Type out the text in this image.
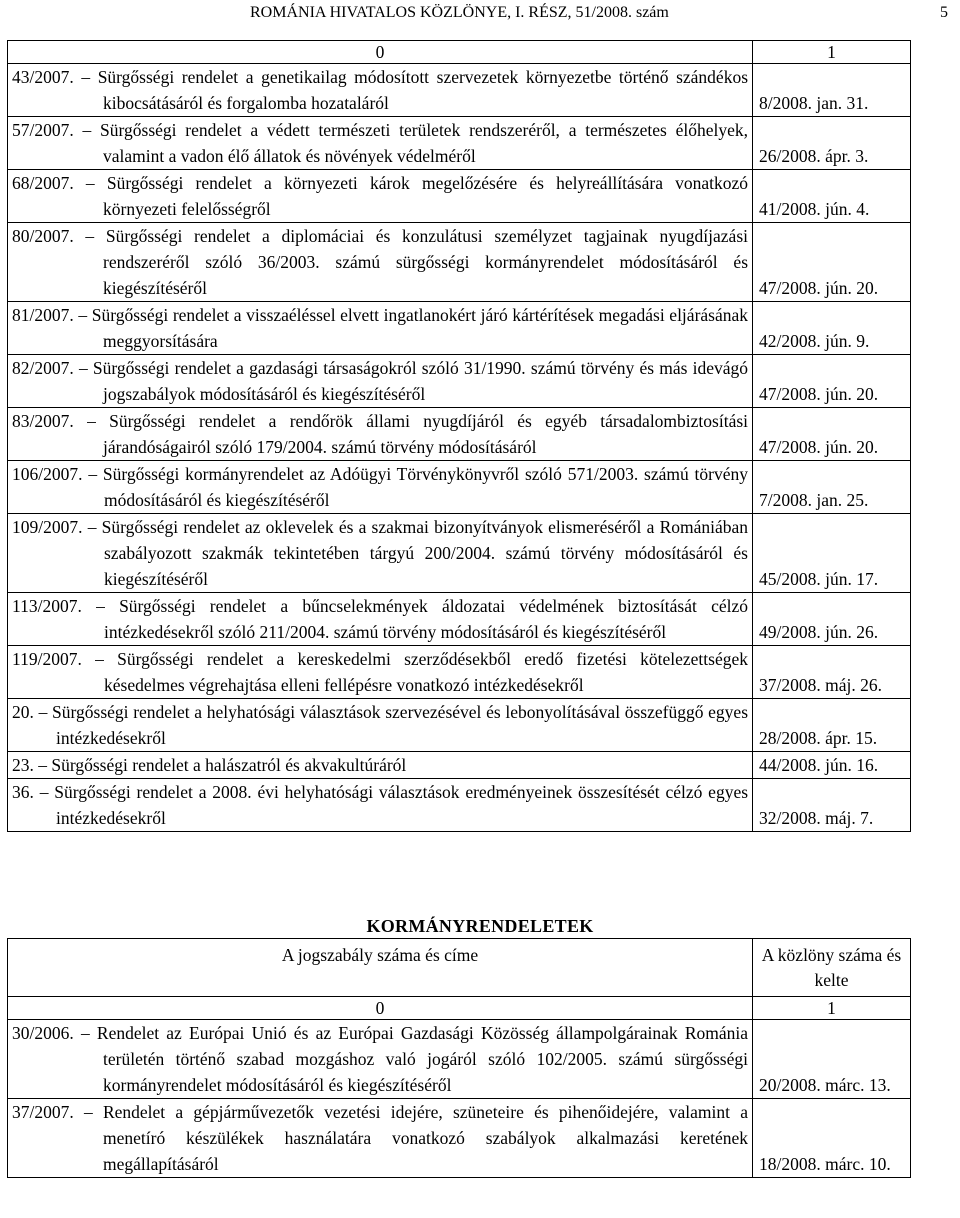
ROMÁNIA HIVATALOS KÖZLÖNYE, I. RÉSZ, 51/2008. szám	5
0	1

43/2007. – Sürgősségi rendelet a genetikailag módosított szervezetek környezetbe történő szándékos kibocsátásáról és forgalomba hozataláról	8/2008. jan. 31.

57/2007. – Sürgősségi rendelet a védett természeti területek rendszeréről, a természetes élőhelyek, valamint a vadon élő állatok és növények védelméről	26/2008. ápr. 3.

68/2007. – Sürgősségi rendelet a környezeti károk megelőzésére és helyreállítására vonatkozó környezeti felelősségről	41/2008. jún. 4.

80/2007. – Sürgősségi rendelet a diplomáciai és konzulátusi személyzet tagjainak nyugdíjazási rendszeréről szóló 36/2003. számú sürgősségi kormányrendelet módosításáról és kiegészítéséről	47/2008. jún. 20.

81/2007. – Sürgősségi rendelet a visszaéléssel elvett ingatlanokért járó kártérítések megadási eljárásának meggyorsítására	42/2008. jún. 9.

82/2007. – Sürgősségi rendelet a gazdasági társaságokról szóló 31/1990. számú törvény és más idevágó jogszabályok módosításáról és kiegészítéséről	47/2008. jún. 20.

83/2007. – Sürgősségi rendelet a rendőrök állami nyugdíjáról és egyéb társadalombiztosítási járandóságairól szóló 179/2004. számú törvény módosításáról	47/2008. jún. 20.

106/2007. – Sürgősségi kormányrendelet az Adóügyi Törvénykönyvről szóló 571/2003. számú törvény módosításáról és kiegészítéséről	7/2008. jan. 25.

109/2007. – Sürgősségi rendelet az oklevelek és a szakmai bizonyítványok elismeréséről a Romániában szabályozott szakmák tekintetében tárgyú 200/2004. számú törvény módosításáról és kiegészítéséről	45/2008. jún. 17.

113/2007. – Sürgősségi rendelet a bűncselekmények áldozatai védelmének biztosítását célzó intézkedésekről szóló 211/2004. számú törvény módosításáról és kiegészítéséről	49/2008. jún. 26.

119/2007. – Sürgősségi rendelet a kereskedelmi szerződésekből eredő fizetési kötelezettségek késedelmes végrehajtása elleni fellépésre vonatkozó intézkedésekről	37/2008. máj. 26.

20. – Sürgősségi rendelet a helyhatósági választások szervezésével és lebonyolításával összefüggő egyes intézkedésekről	28/2008. ápr. 15.

23. – Sürgősségi rendelet a halászatról és akvakultúráról	44/2008. jún. 16.

36. – Sürgősségi rendelet a 2008. évi helyhatósági választások eredményeinek összesítését célzó egyes intézkedésekről	32/2008. máj. 7.
KORMÁNYRENDELETEK
A jogszabály száma és címe	A közlöny száma és kelte
0	1

30/2006. – Rendelet az Európai Unió és az Európai Gazdasági Közösség állampolgárainak Románia területén történő szabad mozgáshoz való jogáról szóló 102/2005. számú sürgősségi kormányrendelet módosításáról és kiegészítéséről	20/2008. márc. 13.

37/2007. – Rendelet a gépjárművezetők vezetési idejére, szüneteire és pihenőidejére, valamint a menetíró készülékek használatára vonatkozó szabályok alkalmazási keretének megállapításáról	18/2008. márc. 10.
